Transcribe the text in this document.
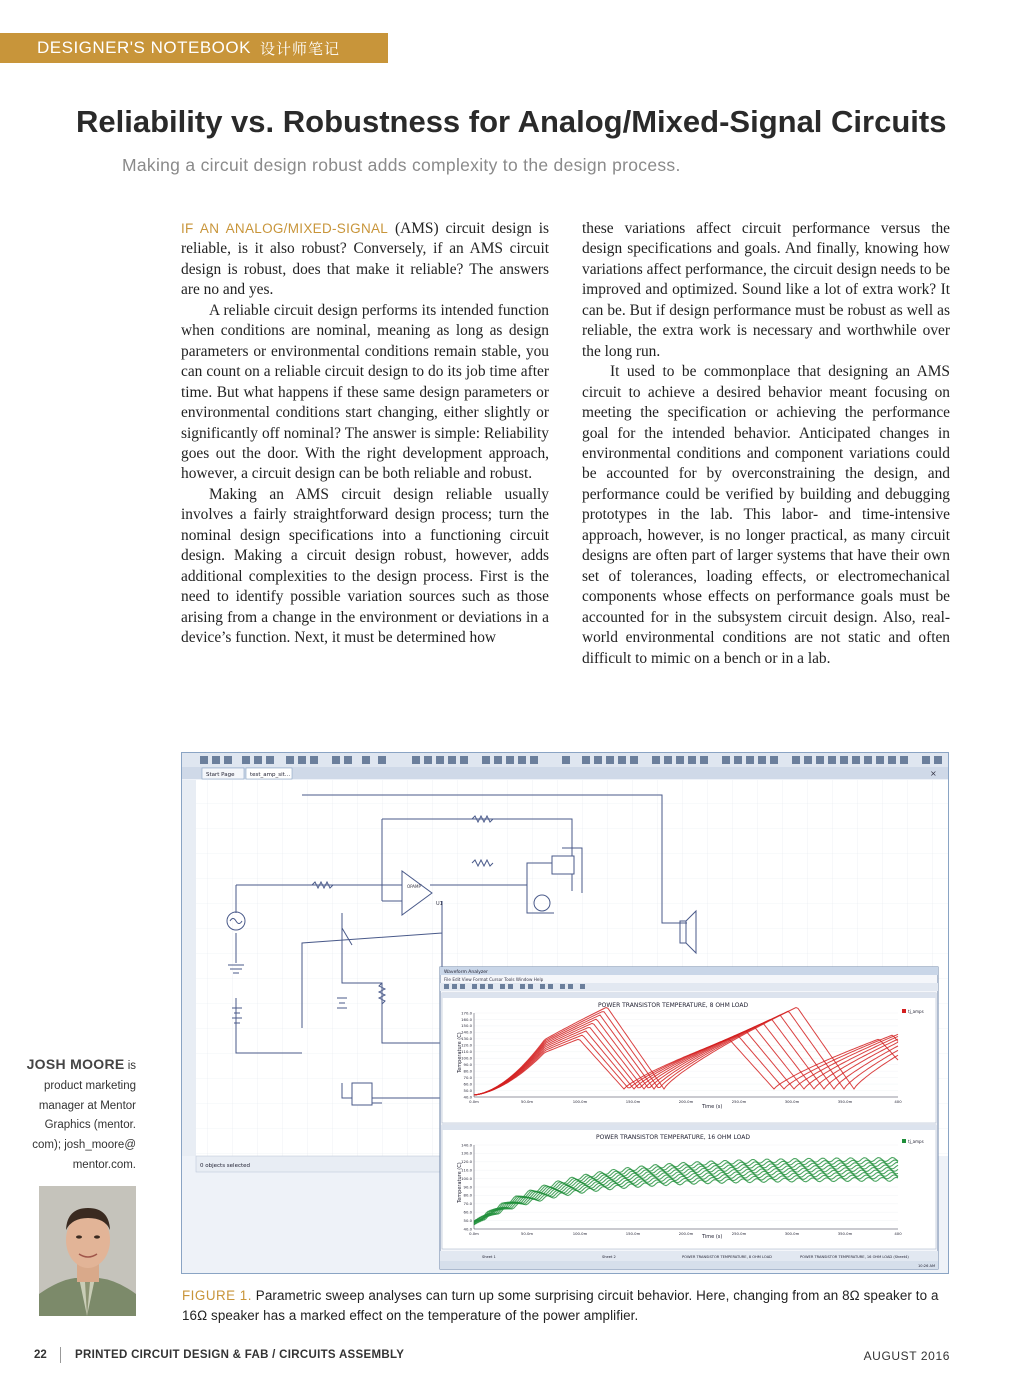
DESIGNER'S NOTEBOOK 设计师笔记
Reliability vs. Robustness for Analog/Mixed-Signal Circuits
Making a circuit design robust adds complexity to the design process.

IF AN ANALOG/MIXED-SIGNAL (AMS) circuit design is reliable, is it also robust? Conversely, if an AMS circuit design is robust, does that make it reliable? The answers are no and yes.

A reliable circuit design performs its intended function when conditions are nominal, meaning as long as design parameters or environmental conditions remain stable, you can count on a reliable circuit design to do its job time after time. But what happens if these same design parameters or environmental conditions start changing, either slightly or significantly off nominal? The answer is simple: Reliability goes out the door. With the right development approach, however, a circuit design can be both reliable and robust.

Making an AMS circuit design reliable usually involves a fairly straightforward design process; turn the nominal design specifications into a functioning circuit design. Making a circuit design robust, however, adds additional complexities to the design process. First is the need to identify possible variation sources such as those arising from a change in the environment or deviations in a device’s function. Next, it must be determined how

these variations affect circuit performance versus the design specifications and goals. And finally, knowing how variations affect performance, the circuit design needs to be improved and optimized. Sound like a lot of extra work? It can be. But if design performance must be robust as well as reliable, the extra work is necessary and worthwhile over the long run.

It used to be commonplace that designing an AMS circuit to achieve a desired behavior meant focusing on meeting the specification or achieving the performance goal for the intended behavior. Anticipated changes in environmental conditions and component variations could be accounted for by overconstraining the design, and performance could be verified by building and debugging prototypes in the lab. This labor- and time-intensive approach, however, is no longer practical, as many circuit designs are often part of larger systems that have their own set of tolerances, loading effects, or electromechanical components whose effects on performance goals must be accounted for in the subsystem circuit design. Also, real-world environmental conditions are not static and often difficult to mimic on a bench or in a lab.

Start Page	test_amp_sit...	×
OPAMP
U1
0 objects selected
Waveform Analyzer
File Edit View Format Cursor Tools Window Help
POWER TRANSISTOR TEMPERATURE, 8 OHM LOAD
Temperature (C)
Time (s)
tj_amps
170.0
160.0
150.0
140.0
130.0
120.0
110.0
100.0
90.0
80.0
70.0
60.0
50.0
40.0
0.0m	50.0m	100.0m	150.0m	200.0m	250.0m	300.0m	350.0m	400
POWER TRANSISTOR TEMPERATURE, 16 OHM LOAD
Temperature (C)
Time (s)
tj_amps
140.0
130.0
120.0
110.0
100.0
90.0
80.0
70.0
60.0
50.0
40.0
0.0m	50.0m	100.0m	150.0m	200.0m	250.0m	300.0m	350.0m	400
Sheet 1	Sheet 2	POWER TRANSISTOR TEMPERATURE, 8 OHM LOAD	POWER TRANSISTOR TEMPERATURE, 16 OHM LOAD (Sheet4)
10:26 AM
JOSH MOORE is
product marketing
manager at Mentor
Graphics (mentor.
com); josh_moore@
mentor.com.
FIGURE 1. Parametric sweep analyses can turn up some surprising circuit behavior. Here, changing from an 8Ω speaker to a 16Ω speaker has a marked effect on the temperature of the power amplifier.
22 PRINTED CIRCUIT DESIGN & FAB / CIRCUITS ASSEMBLY	AUGUST 2016
